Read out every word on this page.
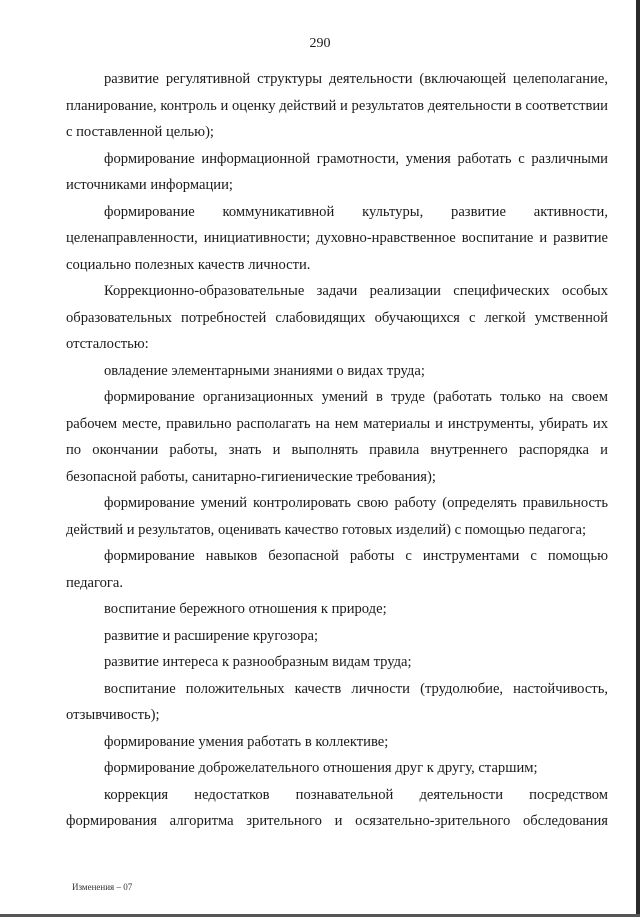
290

развитие регулятивной структуры деятельности (включающей целеполагание, планирование, контроль и оценку действий и результатов деятельности в соответствии с поставленной целью);

формирование информационной грамотности, умения работать с различными источниками информации;

формирование коммуникативной культуры, развитие активности, целенаправленности, инициативности; духовно-нравственное воспитание и развитие социально полезных качеств личности.

Коррекционно-образовательные задачи реализации специфических особых образовательных потребностей слабовидящих обучающихся с легкой умственной отсталостью:

овладение элементарными знаниями о видах труда;

формирование организационных умений в труде (работать только на своем рабочем месте, правильно располагать на нем материалы и инструменты, убирать их по окончании работы, знать и выполнять правила внутреннего распорядка и безопасной работы, санитарно-гигиенические требования);

формирование умений контролировать свою работу (определять правильность действий и результатов, оценивать качество готовых изделий) с помощью педагога;

формирование навыков безопасной работы с инструментами с помощью педагога.

воспитание бережного отношения к природе;

развитие и расширение кругозора;

развитие интереса к разнообразным видам труда;

воспитание положительных качеств личности (трудолюбие, настойчивость, отзывчивость);

формирование умения работать в коллективе;

формирование доброжелательного отношения друг к другу, старшим;

коррекция недостатков познавательной деятельности посредством формирования алгоритма зрительного и осязательно-зрительного обследования

Изменения – 07
